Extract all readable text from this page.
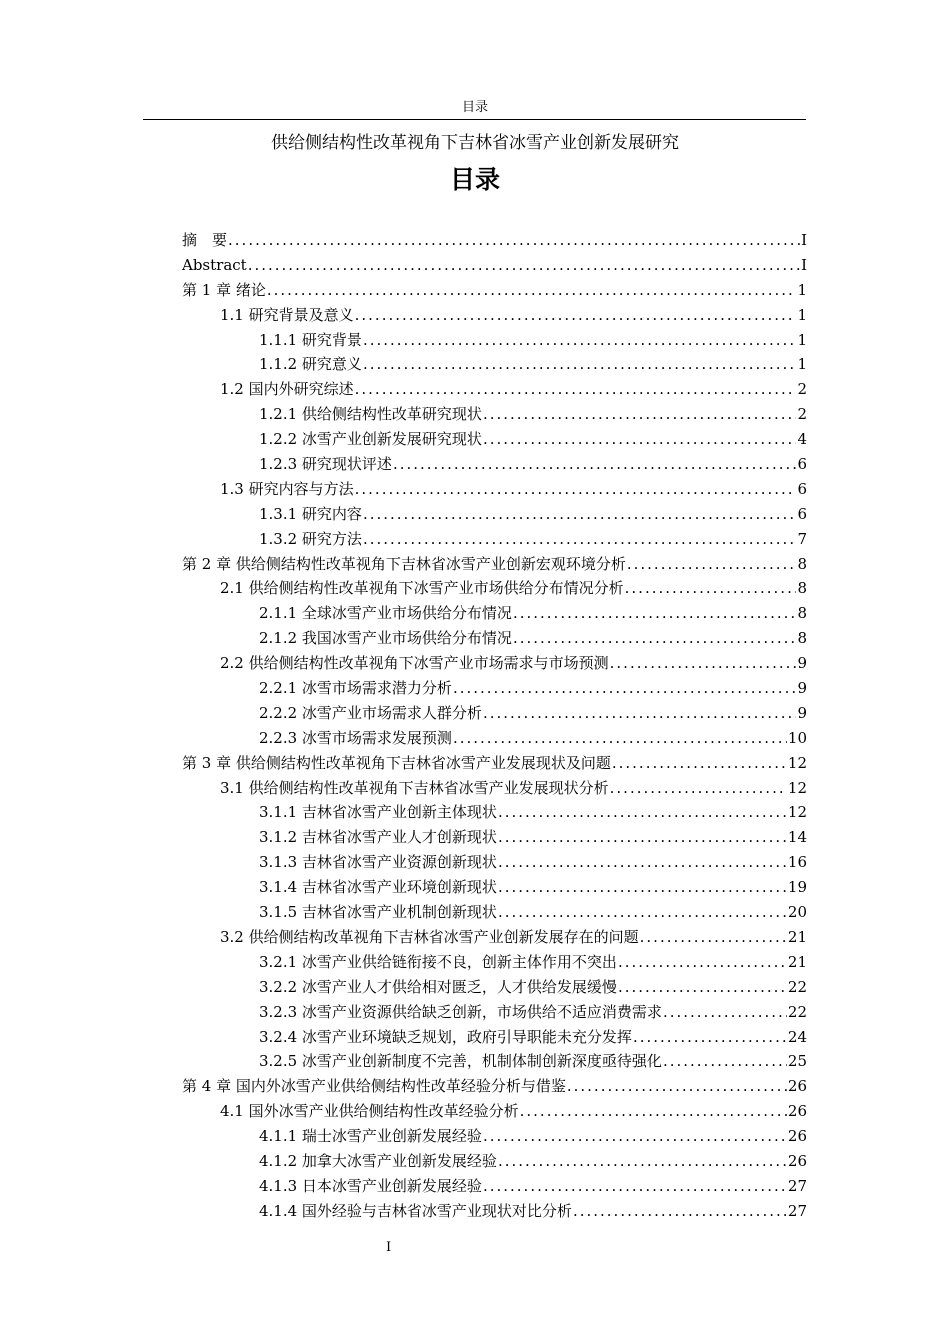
目录
供给侧结构性改革视角下吉林省冰雪产业创新发展研究
目录
摘　要 .....	I
Abstract .....	I
第 1 章 绪论 .....	1
1.1 研究背景及意义 .....	1
1.1.1 研究背景 .....	1
1.1.2 研究意义 .....	1
1.2 国内外研究综述 .....	2
1.2.1 供给侧结构性改革研究现状 .....	2
1.2.2 冰雪产业创新发展研究现状 .....	4
1.2.3 研究现状评述 .....	6
1.3 研究内容与方法 .....	6
1.3.1 研究内容 .....	6
1.3.2 研究方法 .....	7
第 2 章 供给侧结构性改革视角下吉林省冰雪产业创新宏观环境分析 .....	8
2.1 供给侧结构性改革视角下冰雪产业市场供给分布情况分析 .....	8
2.1.1 全球冰雪产业市场供给分布情况 .....	8
2.1.2 我国冰雪产业市场供给分布情况 .....	8
2.2 供给侧结构性改革视角下冰雪产业市场需求与市场预测 .....	9
2.2.1 冰雪市场需求潜力分析 .....	9
2.2.2 冰雪产业市场需求人群分析 .....	9
2.2.3 冰雪市场需求发展预测 .....	10
第 3 章 供给侧结构性改革视角下吉林省冰雪产业发展现状及问题 .....	12
3.1 供给侧结构性改革视角下吉林省冰雪产业发展现状分析 .....	12
3.1.1 吉林省冰雪产业创新主体现状 .....	12
3.1.2 吉林省冰雪产业人才创新现状 .....	14
3.1.3 吉林省冰雪产业资源创新现状 .....	16
3.1.4 吉林省冰雪产业环境创新现状 .....	19
3.1.5 吉林省冰雪产业机制创新现状 .....	20
3.2 供给侧结构改革视角下吉林省冰雪产业创新发展存在的问题 .....	21
3.2.1 冰雪产业供给链衔接不良，创新主体作用不突出 .....	21
3.2.2 冰雪产业人才供给相对匮乏，人才供给发展缓慢 .....	22
3.2.3 冰雪产业资源供给缺乏创新，市场供给不适应消费需求 .....	22
3.2.4 冰雪产业环境缺乏规划，政府引导职能未充分发挥 .....	24
3.2.5 冰雪产业创新制度不完善，机制体制创新深度亟待强化 .....	25
第 4 章 国内外冰雪产业供给侧结构性改革经验分析与借鉴 .....	26
4.1 国外冰雪产业供给侧结构性改革经验分析 .....	26
4.1.1 瑞士冰雪产业创新发展经验 .....	26
4.1.2 加拿大冰雪产业创新发展经验 .....	26
4.1.3 日本冰雪产业创新发展经验 .....	27
4.1.4 国外经验与吉林省冰雪产业现状对比分析 .....	27
I
